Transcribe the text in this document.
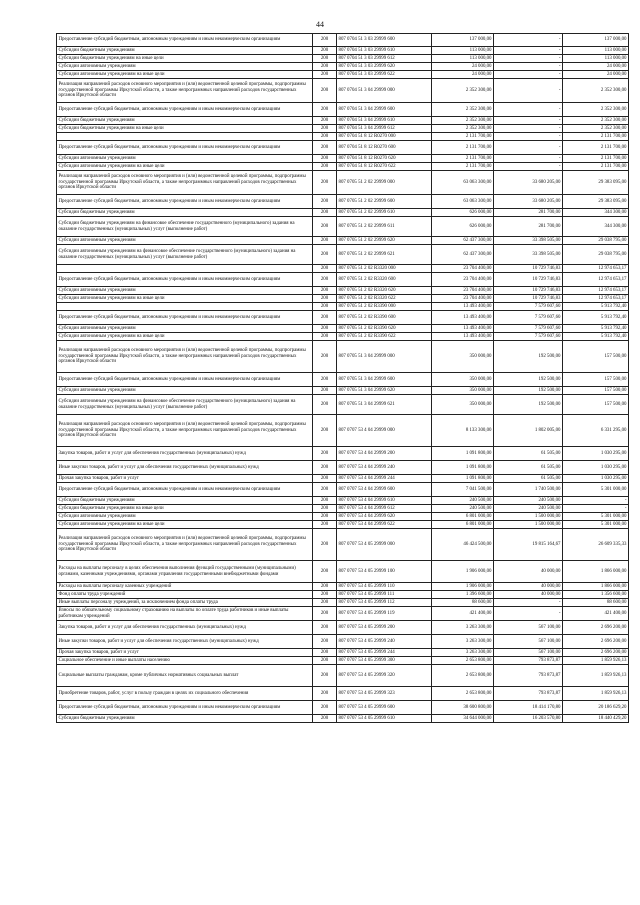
44
Предоставление субсидий бюджетным, автономным учреждениям и иным некоммерческим организациям	200	807 0704 51 3 03 29999 600	137 000,00	-	137 000,00
Субсидии бюджетным учреждениям	200	807 0704 51 3 03 29999 610	113 000,00	-	113 000,00
Субсидии бюджетным учреждениям на иные цели	200	807 0704 51 3 03 29999 612	113 000,00	-	113 000,00
Субсидии автономным учреждениям	200	807 0704 51 3 03 29999 620	24 000,00	-	24 000,00
Субсидии автономным учреждениям на иные цели	200	807 0704 51 3 03 29999 622	24 000,00	-	24 000,00
Реализация направлений расходов основного мероприятия и (или) ведомственной целевой программы, подпрограммы государственной программы Иркутской области, а также непрограммных направлений расходов государственных органов Иркутской области	200	807 0704 51 3 04 29999 000	2 352 300,00	-	2 352 300,00
Предоставление субсидий бюджетным, автономным учреждениям и иным некоммерческим организациям	200	807 0704 51 3 04 29999 600	2 352 300,00	-	2 352 300,00
Субсидии бюджетным учреждениям	200	807 0704 51 3 04 29999 610	2 352 300,00	-	2 352 300,00
Субсидии бюджетным учреждениям на иные цели	200	807 0704 51 3 04 29999 612	2 352 300,00	-	2 352 300,00
	200	807 0704 51 8 12 R0270 000	2 131 700,00	-	2 131 700,00
Предоставление субсидий бюджетным, автономным учреждениям и иным некоммерческим организациям	200	807 0704 51 8 12 R0270 600	2 131 700,00	-	2 131 700,00
Субсидии автономным учреждениям	200	807 0704 51 8 12 R0270 620	2 131 700,00	-	2 131 700,00
Субсидии автономным учреждениям на иные цели	200	807 0704 51 8 12 R0270 622	2 131 700,00	-	2 131 700,00
Реализация направлений расходов основного мероприятия и (или) ведомственной целевой программы, подпрограммы государственной программы Иркутской области, а также непрограммных направлений расходов государственных органов Иркутской области	200	807 0705 51 2 02 29999 000	63 063 300,00	33 680 205,00	29 383 095,00
Предоставление субсидий бюджетным, автономным учреждениям и иным некоммерческим организациям	200	807 0705 51 2 02 29999 600	63 063 300,00	33 680 205,00	29 383 095,00
Субсидии бюджетным учреждениям	200	807 0705 51 2 02 29999 610	626 000,00	281 700,00	344 300,00
Субсидии бюджетным учреждениям на финансовое обеспечение государственного (муниципального) задания на оказание государственных (муниципальных) услуг (выполнение работ)	200	807 0705 51 2 02 29999 611	626 000,00	281 700,00	344 300,00
Субсидии автономным учреждениям	200	807 0705 51 2 02 29999 620	62 437 300,00	33 398 505,00	29 038 795,00
Субсидии автономным учреждениям на финансовое обеспечение государственного (муниципального) задания на оказание государственных (муниципальных) услуг (выполнение работ)	200	807 0705 51 2 02 29999 621	62 437 300,00	33 398 505,00	29 038 795,00
	200	807 0705 51 2 02 R3320 000	23 704 400,00	10 729 746,83	12 974 653,17
Предоставление субсидий бюджетным, автономным учреждениям и иным некоммерческим организациям	200	807 0705 51 2 02 R3320 600	23 704 400,00	10 729 746,83	12 974 653,17
Субсидии автономным учреждениям	200	807 0705 51 2 02 R3320 620	23 704 400,00	10 729 746,83	12 974 653,17
Субсидии автономным учреждениям на иные цели	200	807 0705 51 2 02 R3320 622	23 704 400,00	10 729 746,83	12 974 653,17
	200	807 0705 51 2 02 R3390 000	13 493 400,00	7 579 607,60	5 913 792,40
Предоставление субсидий бюджетным, автономным учреждениям и иным некоммерческим организациям	200	807 0705 51 2 02 R3390 600	13 493 400,00	7 579 607,60	5 913 792,40
Субсидии автономным учреждениям	200	807 0705 51 2 02 R3390 620	13 493 400,00	7 579 607,60	5 913 792,40
Субсидии автономным учреждениям на иные цели	200	807 0705 51 2 02 R3390 622	13 493 400,00	7 579 607,60	5 913 792,40
Реализация направлений расходов основного мероприятия и (или) ведомственной целевой программы, подпрограммы государственной программы Иркутской области, а также непрограммных направлений расходов государственных органов Иркутской области	200	807 0705 51 3 04 29999 000	350 000,00	192 500,00	157 500,00
Предоставление субсидий бюджетным, автономным учреждениям и иным некоммерческим организациям	200	807 0705 51 3 04 29999 600	350 000,00	192 500,00	157 500,00
Субсидии автономным учреждениям	200	807 0705 51 3 04 29999 620	350 000,00	192 500,00	157 500,00
Субсидии автономным учреждениям на финансовое обеспечение государственного (муниципального) задания на оказание государственных (муниципальных) услуг (выполнение работ)	200	807 0705 51 3 04 29999 621	350 000,00	192 500,00	157 500,00
Реализация направлений расходов основного мероприятия и (или) ведомственной целевой программы, подпрограммы государственной программы Иркутской области, а также непрограммных направлений расходов государственных органов Иркутской области	200	807 0707 53 4 04 29999 000	8 133 300,00	1 802 005,00	6 331 295,00
Закупка товаров, работ и услуг для обеспечения государственных (муниципальных) нужд	200	807 0707 53 4 04 29999 200	1 091 800,00	61 505,00	1 030 295,00
Иные закупки товаров, работ и услуг для обеспечения государственных (муниципальных) нужд	200	807 0707 53 4 04 29999 240	1 091 800,00	61 505,00	1 030 295,00
Прочая закупка товаров, работ и услуг	200	807 0707 53 4 04 29999 244	1 091 800,00	61 505,00	1 030 295,00
Предоставление субсидий бюджетным, автономным учреждениям и иным некоммерческим организациям	200	807 0707 53 4 04 29999 600	7 041 500,00	1 740 500,00	5 301 000,00
Субсидии бюджетным учреждениям	200	807 0707 53 4 04 29999 610	240 500,00	240 500,00	-
Субсидии бюджетным учреждениям на иные цели	200	807 0707 53 4 04 29999 612	240 500,00	240 500,00	-
Субсидии автономным учреждениям	200	807 0707 53 4 04 29999 620	6 801 000,00	1 500 000,00	5 301 000,00
Субсидии автономным учреждениям на иные цели	200	807 0707 53 4 04 29999 622	6 801 000,00	1 500 000,00	5 301 000,00
Реализация направлений расходов основного мероприятия и (или) ведомственной целевой программы, подпрограммы государственной программы Иркутской области, а также непрограммных направлений расходов государственных органов Иркутской области	200	807 0707 53 4 05 29999 000	46 424 500,00	19 815 164,67	26 609 335,33
Расходы на выплаты персоналу в целях обеспечения выполнения функций государственными (муниципальными) органами, казенными учреждениями, органами управления государственными внебюджетными фондами	200	807 0707 53 4 05 29999 100	1 906 000,00	40 000,00	1 866 000,00
Расходы на выплаты персоналу казенных учреждений	200	807 0707 53 4 05 29999 110	1 906 000,00	40 000,00	1 866 000,00
Фонд оплаты труда учреждений	200	807 0707 53 4 05 29999 111	1 396 600,00	40 000,00	1 356 600,00
Иные выплаты персоналу учреждений, за исключением фонда оплаты труда	200	807 0707 53 4 05 29999 112	88 600,00	-	88 600,00
Взносы по обязательному социальному страхованию на выплаты по оплате труда работников и иные выплаты работникам учреждений	200	807 0707 53 4 05 29999 119	421 400,00	-	421 400,00
Закупка товаров, работ и услуг для обеспечения государственных (муниципальных) нужд	200	807 0707 53 4 05 29999 200	3 263 300,00	567 100,00	2 696 200,00
Иные закупки товаров, работ и услуг для обеспечения государственных (муниципальных) нужд	200	807 0707 53 4 05 29999 240	3 263 300,00	567 100,00	2 696 200,00
Прочая закупка товаров, работ и услуг	200	807 0707 53 4 05 29999 244	3 263 300,00	567 100,00	2 696 200,00
Социальное обеспечение и иные выплаты населению	200	807 0707 53 4 05 29999 300	2 653 800,00	793 873,87	1 859 926,13
Социальные выплаты гражданам, кроме публичных нормативных социальных выплат	200	807 0707 53 4 05 29999 320	2 653 800,00	793 873,87	1 859 926,13
Приобретение товаров, работ, услуг в пользу граждан в целях их социального обеспечения	200	807 0707 53 4 05 29999 323	2 653 800,00	793 873,87	1 859 926,13
Предоставление субсидий бюджетным, автономным учреждениям и иным некоммерческим организациям	200	807 0707 53 4 05 29999 600	38 600 800,00	18 414 170,80	20 186 629,20
Субсидии бюджетным учреждениям	200	807 0707 53 4 05 29999 610	34 644 000,00	16 203 570,80	18 440 429,20
